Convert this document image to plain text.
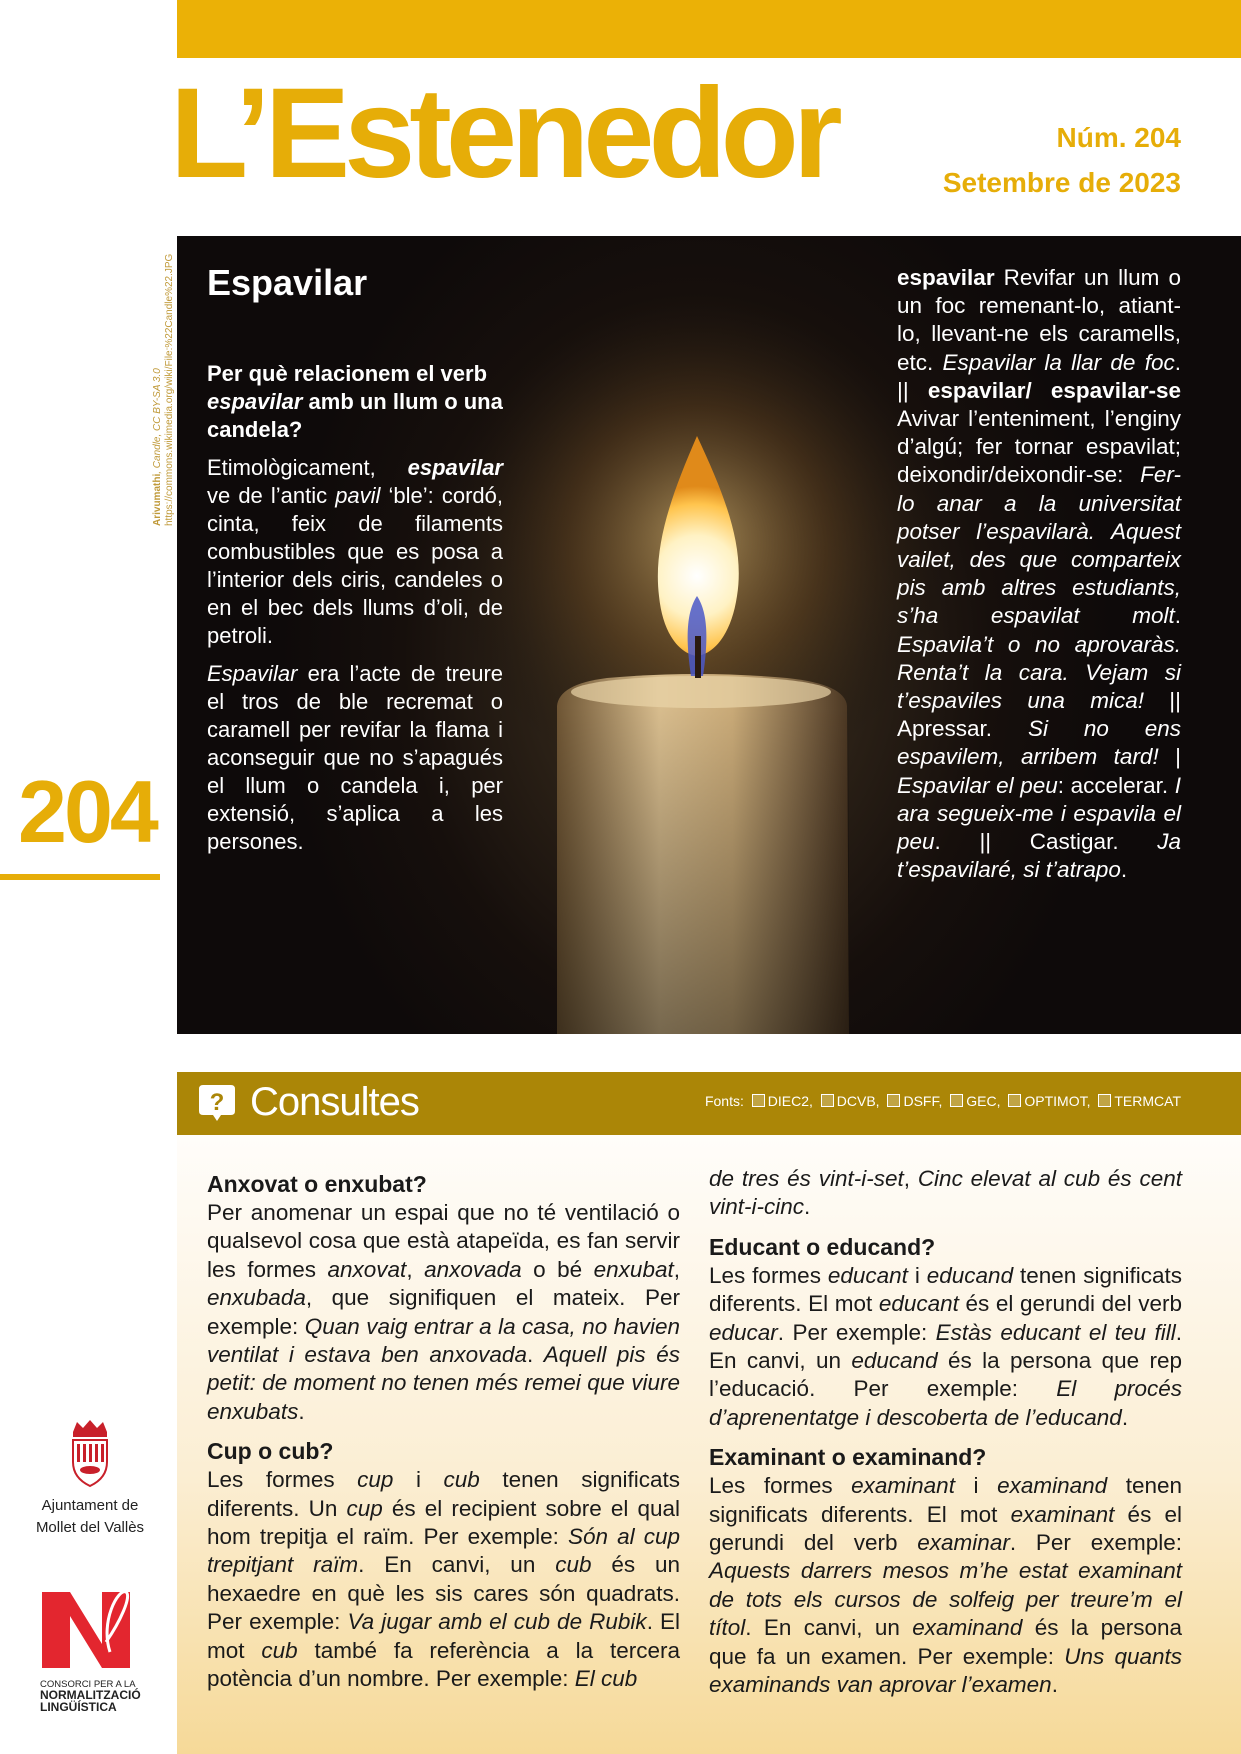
L’Estenedor	Núm. 204
Setembre de 2023
Arivumathi, Candle, CC BY-SA 3.0
https://commons.wikimedia.org/wiki/File:%22Candle%22.JPG
204
Espavilar
Per què relacionem el verb espavilar amb un llum o una candela?

Etimològicament, espavilar ve de l’antic pavil ‘ble’: cordó, cinta, feix de filaments combustibles que es posa a l’interior dels ciris, candeles o en el bec dels llums d’oli, de petroli.

Espavilar era l’acte de treure el tros de ble recremat o caramell per revifar la flama i aconseguir que no s’apagués el llum o candela i, per extensió, s’aplica a les persones.

espavilar Revifar un llum o un foc remenant-lo, atiant-lo, llevant-ne els caramells, etc. Espavilar la llar de foc. || espavilar/ espavilar-se Avivar l’enteniment, l’enginy d’algú; fer tornar espavilat; deixondir/deixondir-se: Fer-lo anar a la universitat potser l’espavilarà. Aquest vailet, des que comparteix pis amb altres estudiants, s’ha espavilat molt. Espavila’t o no aprovaràs. Renta’t la cara. Vejam si t’espaviles una mica! || Apressar. Si no ens espavilem, arribem tard! | Espavilar el peu: accelerar. I ara segueix-me i espavila el peu. || Castigar. Ja t’espavilaré, si t’atrapo.
? Consultes	Fonts: DIEC2, DCVB, DSFF, GEC, OPTIMOT, TERMCAT
Anxovat o enxubat?

Per anomenar un espai que no té ventilació o qualsevol cosa que està atapeïda, es fan servir les formes anxovat, anxovada o bé enxubat, enxubada, que signifiquen el mateix. Per exemple: Quan vaig entrar a la casa, no havien ventilat i estava ben anxovada. Aquell pis és petit: de moment no tenen més remei que viure enxubats.

Cup o cub?

Les formes cup i cub tenen significats diferents. Un cup és el recipient sobre el qual hom trepitja el raïm. Per exemple: Són al cup trepitjant raïm. En canvi, un cub és un hexaedre en què les sis cares són quadrats. Per exemple: Va jugar amb el cub de Rubik. El mot cub també fa referència a la tercera potència d’un nombre. Per exemple: El cub

de tres és vint-i-set, Cinc elevat al cub és cent vint-i-cinc.

Educant o educand?

Les formes educant i educand tenen significats diferents. El mot educant és el gerundi del verb educar. Per exemple: Estàs educant el teu fill. En canvi, un educand és la persona que rep l’educació. Per exemple: El procés d’aprenentatge i descoberta de l’educand.

Examinant o examinand?

Les formes examinant i examinand tenen significats diferents. El mot examinant és el gerundi del verb examinar. Per exemple: Aquests darrers mesos m’he estat examinant de tots els cursos de solfeig per treure’m el títol. En canvi, un examinand és la persona que fa un examen. Per exemple: Uns quants examinands van aprovar l’examen.

Ajuntament de
Mollet del Vallès
CONSORCI PER A LA
NORMALITZACIÓ
LINGÜÍSTICA
